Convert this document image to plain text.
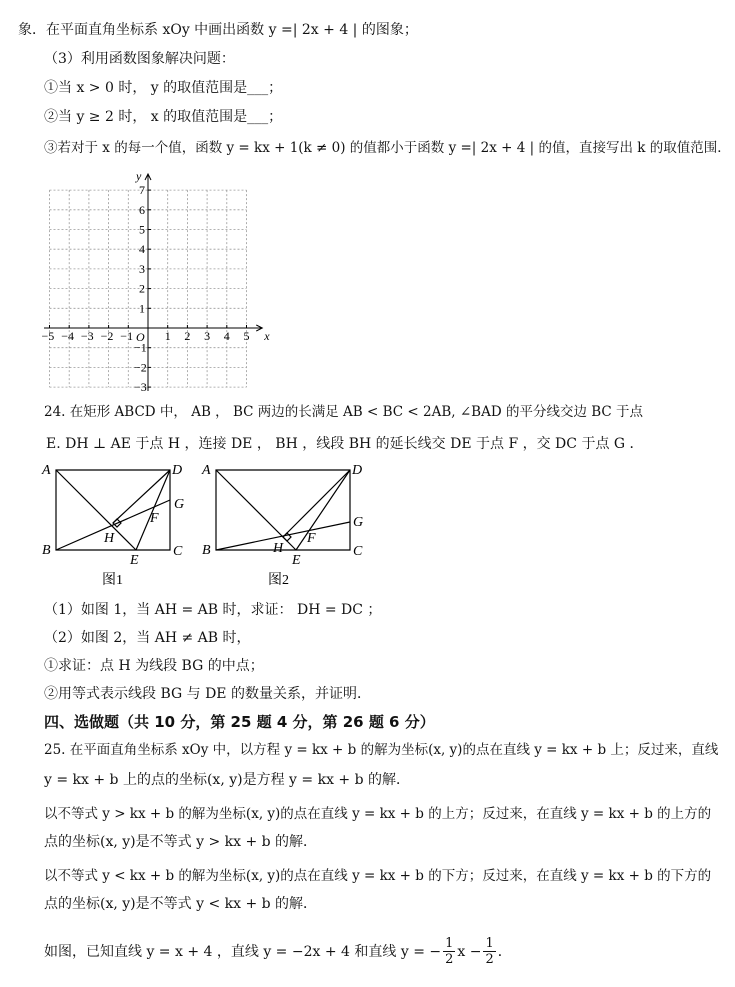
象．在平面直角坐标系 xOy 中画出函数 y =| 2x + 4 | 的图象；
（3）利用函数图象解决问题：
①当 x > 0 时， y 的取值范围是___；
②当 y ≥ 2 时， x 的取值范围是___；
③若对于 x 的每一个值，函数 y = kx + 1(k ≠ 0) 的值都小于函数 y =| 2x + 4 | 的值，直接写出 k 的取值范围．
−5 −4 −3 −2 −1	1 2 3 4 5
7
6
5
4
3
2
1
−1
−2
−3
O	x
y
24. 在矩形 ABCD 中， AB ， BC 两边的长满足 AB < BC < 2AB, ∠BAD 的平分线交边 BC 于点
E. DH ⊥ AE 于点 H ，连接 DE ， BH ，线段 BH 的延长线交 DE 于点 F ，交 DC 于点 G ．
A
B
D
C
G
F
H
E
图1
A
B
D
C
G
F
H
E
图2
（1）如图 1，当 AH = AB 时，求证： DH = DC ；
（2）如图 2，当 AH ≠ AB 时，
①求证：点 H 为线段 BG 的中点；
②用等式表示线段 BG 与 DE 的数量关系，并证明．
四、选做题（共 10 分，第 25 题 4 分，第 26 题 6 分）
25. 在平面直角坐标系 xOy 中，以方程 y = kx + b 的解为坐标(x, y)的点在直线 y = kx + b 上；反过来，直线
y = kx + b 上的点的坐标(x, y)是方程 y = kx + b 的解．
以不等式 y > kx + b 的解为坐标(x, y)的点在直线 y = kx + b 的上方；反过来，在直线 y = kx + b 的上方的
点的坐标(x, y)是不等式 y > kx + b 的解．
以不等式 y < kx + b 的解为坐标(x, y)的点在直线 y = kx + b 的下方；反过来，在直线 y = kx + b 的下方的
点的坐标(x, y)是不等式 y < kx + b 的解．
如图，已知直线 y = x + 4 ，直线 y = −2x + 4 和直线 y = − $\frac{1}{2}$ $x - \frac{1}{2}$ ．
